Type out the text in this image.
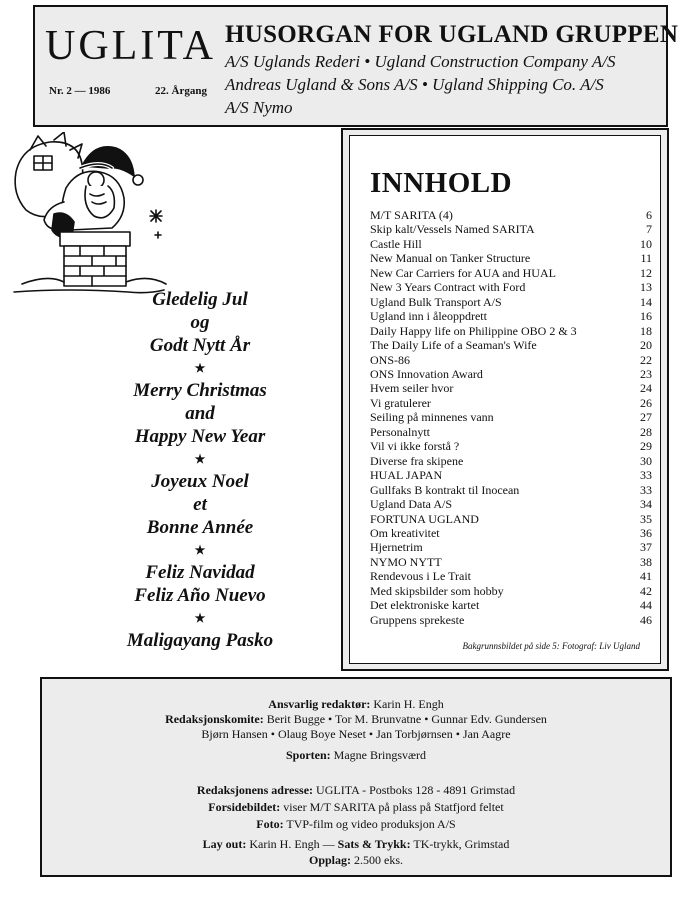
UGLITA
Nr. 2 — 1986	22. Årgang
HUSORGAN FOR UGLAND GRUPPEN
A/S Uglands Rederi • Ugland Construction Company A/S
Andreas Ugland & Sons A/S • Ugland Shipping Co. A/S
A/S Nymo
Gledelig Jul
og
Godt Nytt År
★
Merry Christmas
and
Happy New Year
★
Joyeux Noel
et
Bonne Année
★
Feliz Navidad
Feliz Año Nuevo
★
Maligayang Pasko
INNHOLD
M/T SARITA (4)	6
Skip kalt/Vessels Named SARITA	7
Castle Hill	10
New Manual on Tanker Structure	11
New Car Carriers for AUA and HUAL	12
New 3 Years Contract with Ford	13
Ugland Bulk Transport A/S	14
Ugland inn i åleoppdrett	16
Daily Happy life on Philippine OBO 2 & 3	18
The Daily Life of a Seaman's Wife	20
ONS-86	22
ONS Innovation Award	23
Hvem seiler hvor	24
Vi gratulerer	26
Seiling på minnenes vann	27
Personalnytt	28
Vil vi ikke forstå ?	29
Diverse fra skipene	30
HUAL JAPAN	33
Gullfaks B kontrakt til Inocean	33
Ugland Data A/S	34
FORTUNA UGLAND	35
Om kreativitet	36
Hjernetrim	37
NYMO NYTT	38
Rendevous i Le Trait	41
Med skipsbilder som hobby	42
Det elektroniske kartet	44
Gruppens sprekeste	46
Bakgrunnsbildet på side 5: Fotograf: Liv Ugland
Ansvarlig redaktør: Karin H. Engh
Redaksjonskomite: Berit Bugge • Tor M. Brunvatne • Gunnar Edv. Gundersen
Bjørn Hansen • Olaug Boye Neset • Jan Torbjørnsen • Jan Aagre
Sporten: Magne Bringsværd
Redaksjonens adresse: UGLITA - Postboks 128 - 4891 Grimstad
Forsidebildet: viser M/T SARITA på plass på Statfjord feltet
Foto: TVP-film og video produksjon A/S
Lay out: Karin H. Engh — Sats & Trykk: TK-trykk, Grimstad
Opplag: 2.500 eks.
